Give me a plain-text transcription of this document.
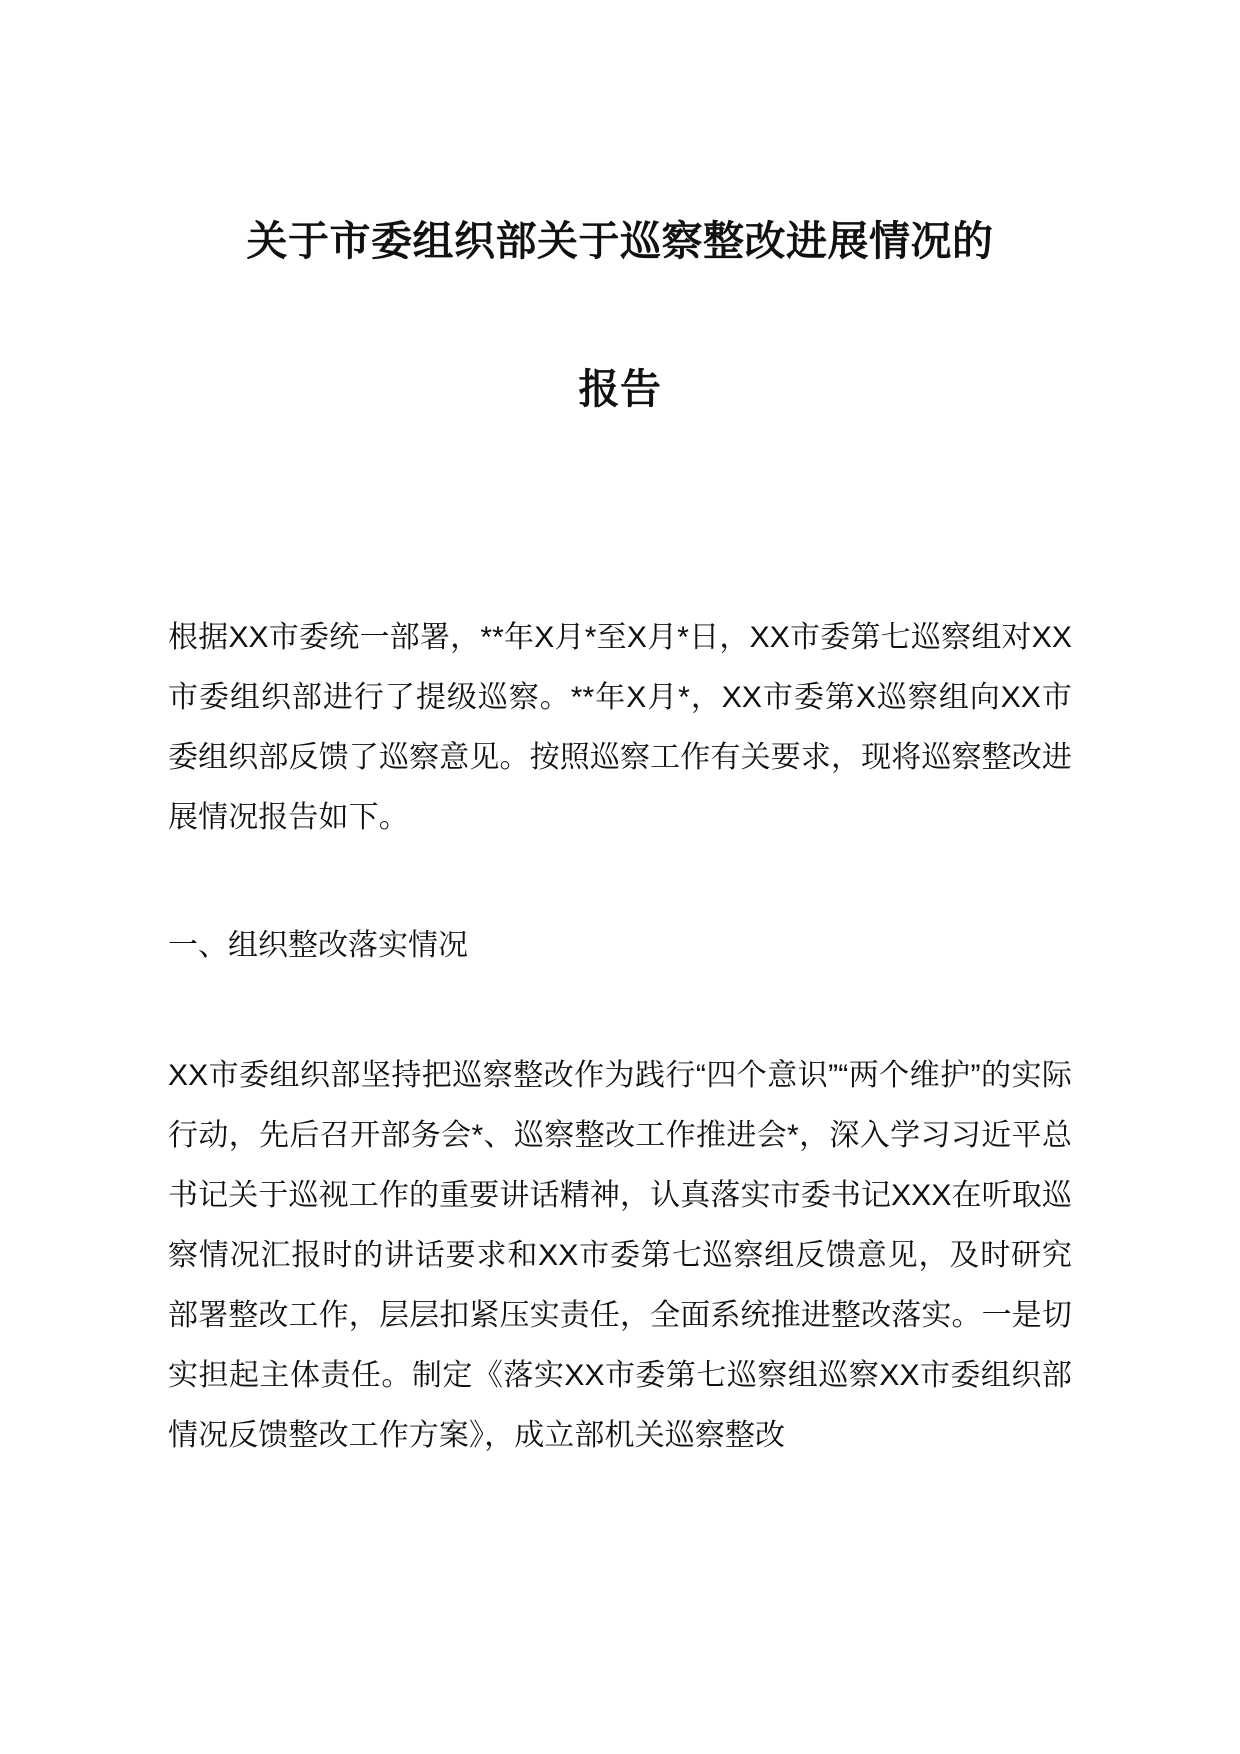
关于市委组织部关于巡察整改进展情况的
报告

根据XX市委统一部署，**年X月*至X月*日，XX市委第七巡察组对XX市委组织部进行了提级巡察。**年X月*，XX市委第X巡察组向XX市委组织部反馈了巡察意见。按照巡察工作有关要求，现将巡察整改进展情况报告如下。

一、组织整改落实情况

XX市委组织部坚持把巡察整改作为践行“四个意识”“两个维护”的实际行动，先后召开部务会*、巡察整改工作推进会*，深入学习习近平总书记关于巡视工作的重要讲话精神，认真落实市委书记XXX在听取巡察情况汇报时的讲话要求和XX市委第七巡察组反馈意见，及时研究部署整改工作，层层扣紧压实责任，全面系统推进整改落实。一是切实担起主体责任。制定《落实XX市委第七巡察组巡察XX市委组织部情况反馈整改工作方案》，成立部机关巡察整改
